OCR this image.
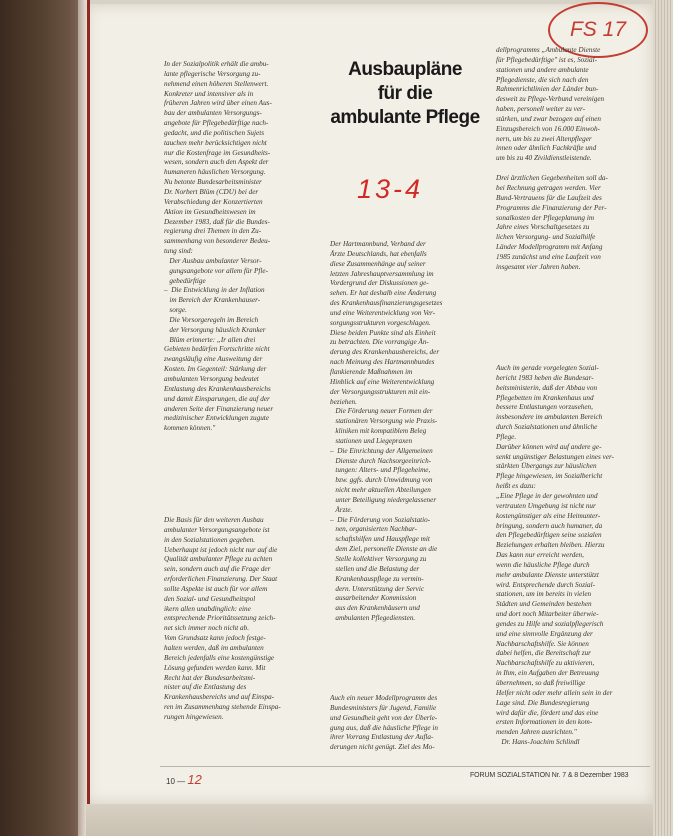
FS 17

In der Sozialpolitik erhält die ambu-

lante pflegerische Versorgung zu-

nehmend einen höheren Stellenwert.

Konkreter und intensiver als in

früheren Jahren wird über einen Aus-

bau der ambulanten Versorgungs-

angebote für Pflegebedürftige nach-

gedacht, und die politischen Sujets

tauchen mehr berücksichtigen nicht

nur die Kostenfrage im Gesundheits-

wesen, sondern auch den Aspekt der

humaneren häuslichen Versorgung.

Nu betonte Bundesarbeitsminister

Dr. Norbert Blüm (CDU) bei der

Verabschiedung der Konzertierten

Aktion im Gesundheitswesen im

Dezember 1983, daß für die Bundes-

regierung drei Themen in den Zu-

sammenhang von besonderer Bedeu-

tung sind:

Der Ausbau ambulanter Versor-

gungsangebote vor allem für Pfle-

gebedürftige

–  Die Entwicklung in der Inflation

im Bereich der Krankenhauser-

sorge.

Die Vorsorgeregeln im Bereich

der Versorgung häuslich Kranker

Blüm erinnerte: „Ir allen drei

Gebieten bedürfen Fortschritte nicht

zwangsläufig eine Ausweitung der

Kosten. Im Gegenteil: Stärkung der

ambulanten Versorgung bedeutet

Entlastung des Krankenhausbereichs

und damit Einsparungen, die auf der

anderen Seite der Finanzierung neuer

medizinischer Entwicklungen zugute

kommen können."

Die Basis für den weiteren Ausbau

ambulanter Versorgungsangebote ist

in den Sozialstationen gegeben.

Ueberhaupt ist jedoch nicht nur auf die

Qualität ambulanter Pflege zu achten

sein, sondern auch auf die Frage der

erforderlichen Finanzierung. Der Staat

sollte Aspekte ist auch für vor allem

den Sozial- und Gesundheitspol

ikern allen unabdinglich: eine

entsprechende Prioritätssetzung zeich-

net sich immer noch nicht ab.

Vom Grundsatz kann jedoch festge-

halten werden, daß im ambulanten

Bereich jedenfalls eine kostengünstige

Lösung gefunden werden kann. Mit

Recht hat der Bundesarbeitsmi-

nister auf die Entlastung des

Krankenhausbereichs und auf Einspa-

ren im Zusammenhang stehende Einspa-

rungen hingewiesen.

Ausbaupläne
für die
ambulante Pflege
13-4

Der Hartmannbund, Verband der

Ärzte Deutschlands, hat ebenfalls

diese Zusammenhänge auf seiner

letzten Jahreshauptversammlung im

Vordergrund der Diskussionen ge-

sehen. Er hat deshalb eine Änderung

des Krankenhausfinanzierungsgesetzes

und eine Weiterentwicklung von Ver-

sorgungsstrukturen vorgeschlagen.

Diese beiden Punkte sind als Einheit

zu betrachten. Die vorrangige Än-

derung des Krankenhausbereichs, der

nach Meinung des Hartmannbundes

flankierende Maßnahmen im

Hinblick auf eine Weiterentwicklung

der Versorgungsstrukturen mit ein-

beziehen.

Die Förderung neuer Formen der

stationären Versorgung wie Praxis-

kliniken mit kompatiblem Beleg

stationen und Liegepraxen

–  Die Einrichtung der Allgemeinen

Dienste durch Nachsorgeeinrich-

tungen: Alters- und Pflegeheime,

bzw. ggfs. durch Umwidmung von

nicht mehr aktuellen Abteilungen

unter Beteiligung niedergelassener

Ärzte.

–  Die Förderung von Sozialstatio-

nen, organisierten Nachbar-

schaftshilfen und Hauspflege mit

dem Ziel, personelle Dienste an die

Stelle kollektiver Versorgung zu

stellen und die Belastung der

Krankenhauspflege zu vermin-

dern. Unterstützung der Servic

ausarbeitender Kommission

aus den Krankenhäusern und

ambulanten Pflegediensten.

Auch ein neuer Modellprogramm des

Bundesministers für Jugend, Familie

und Gesundheit geht von der Überle-

gung aus, daß die häusliche Pflege in

ihrer Vorrang Entlastung der Aufla-

derungen nicht genügt. Ziel des Mo-

dellprogramms „Ambulante Dienste

für Pflegebedürftige" ist es, Sozial-

stationen und andere ambulante

Pflegedienste, die sich nach den

Rahmenrichtlinien der Länder bun-

desweit zu Pflege-Verbund vereinigen

haben, personell weiter zu ver-

stärken, und zwar bezogen auf einen

Einzugsbereich von 16.000 Einwoh-

nern, um bis zu zwei Altenpfleger

innen oder ähnlich Fachkräfte und

um bis zu 40 Zivildienstleistende.

Drei ärztlichen Gegebenheiten soll da-

bei Rechnung getragen werden. Vier

Bund-Vertrauens für die Laufzeit des

Programms die Finanzierung der Per-

sonalkosten der Pflegeplanung im

Jahre eines Vorschaltgesetzes zu

lichen Versorgung- und Sozialhilfe

Länder Modellprogramm mit Anfang

1985 zunächst und eine Laufzeit von

insgesamt vier Jahren haben.

Auch im gerade vorgelegten Sozial-

bericht 1983 heben die Bundesar-

beitsministerin, daß der Abbau von

Pflegebetten im Krankenhaus und

bessere Entlastungen vorzusehen,

insbesondere im ambulanten Bereich

durch Sozialstationen und ähnliche

Pflege.

Darüber können wird auf andere ge-

senkt ungünstiger Belastungen eines ver-

stärkten Übergangs zur häuslichen

Pflege hingewiesen, im Sozialbericht

heißt es dazu:

„Eine Pflege in der gewohnten und

vertrauten Umgebung ist nicht nur

kostengünstiger als eine Heimunter-

bringung, sondern auch humaner, da

den Pflegebedürftigen seine sozialen

Beziehungen erhalten bleiben. Hierzu

Das kann nur erreicht werden,

wenn die häusliche Pflege durch

mehr ambulante Dienste unterstützt

wird. Entsprechende durch Sozial-

stationen, um im bereits in vielen

Städten und Gemeinden bestehen

und dort noch Mitarbeiter überwie-

gendes zu Hilfe und sozialpflegerisch

und eine sinnvolle Ergänzung der

Nachbarschaftshilfe. Sie können

dabei helfen, die Bereitschaft zur

Nachbarschaftshilfe zu aktivieren,

in Ihm, ein Aufgaben der Betreuung

übernehmen, so daß freiwillige

Helfer nicht oder mehr allein sein in der

Lage sind. Die Bundesregierung

wird dafür die, fördert und das eine

ersten Informationen in den kom-

menden Jahren ausrichten."

Dr. Hans-Joachim Schlindl

10 — 12	FORUM SOZIALSTATION Nr. 7 & 8 Dezember 1983
